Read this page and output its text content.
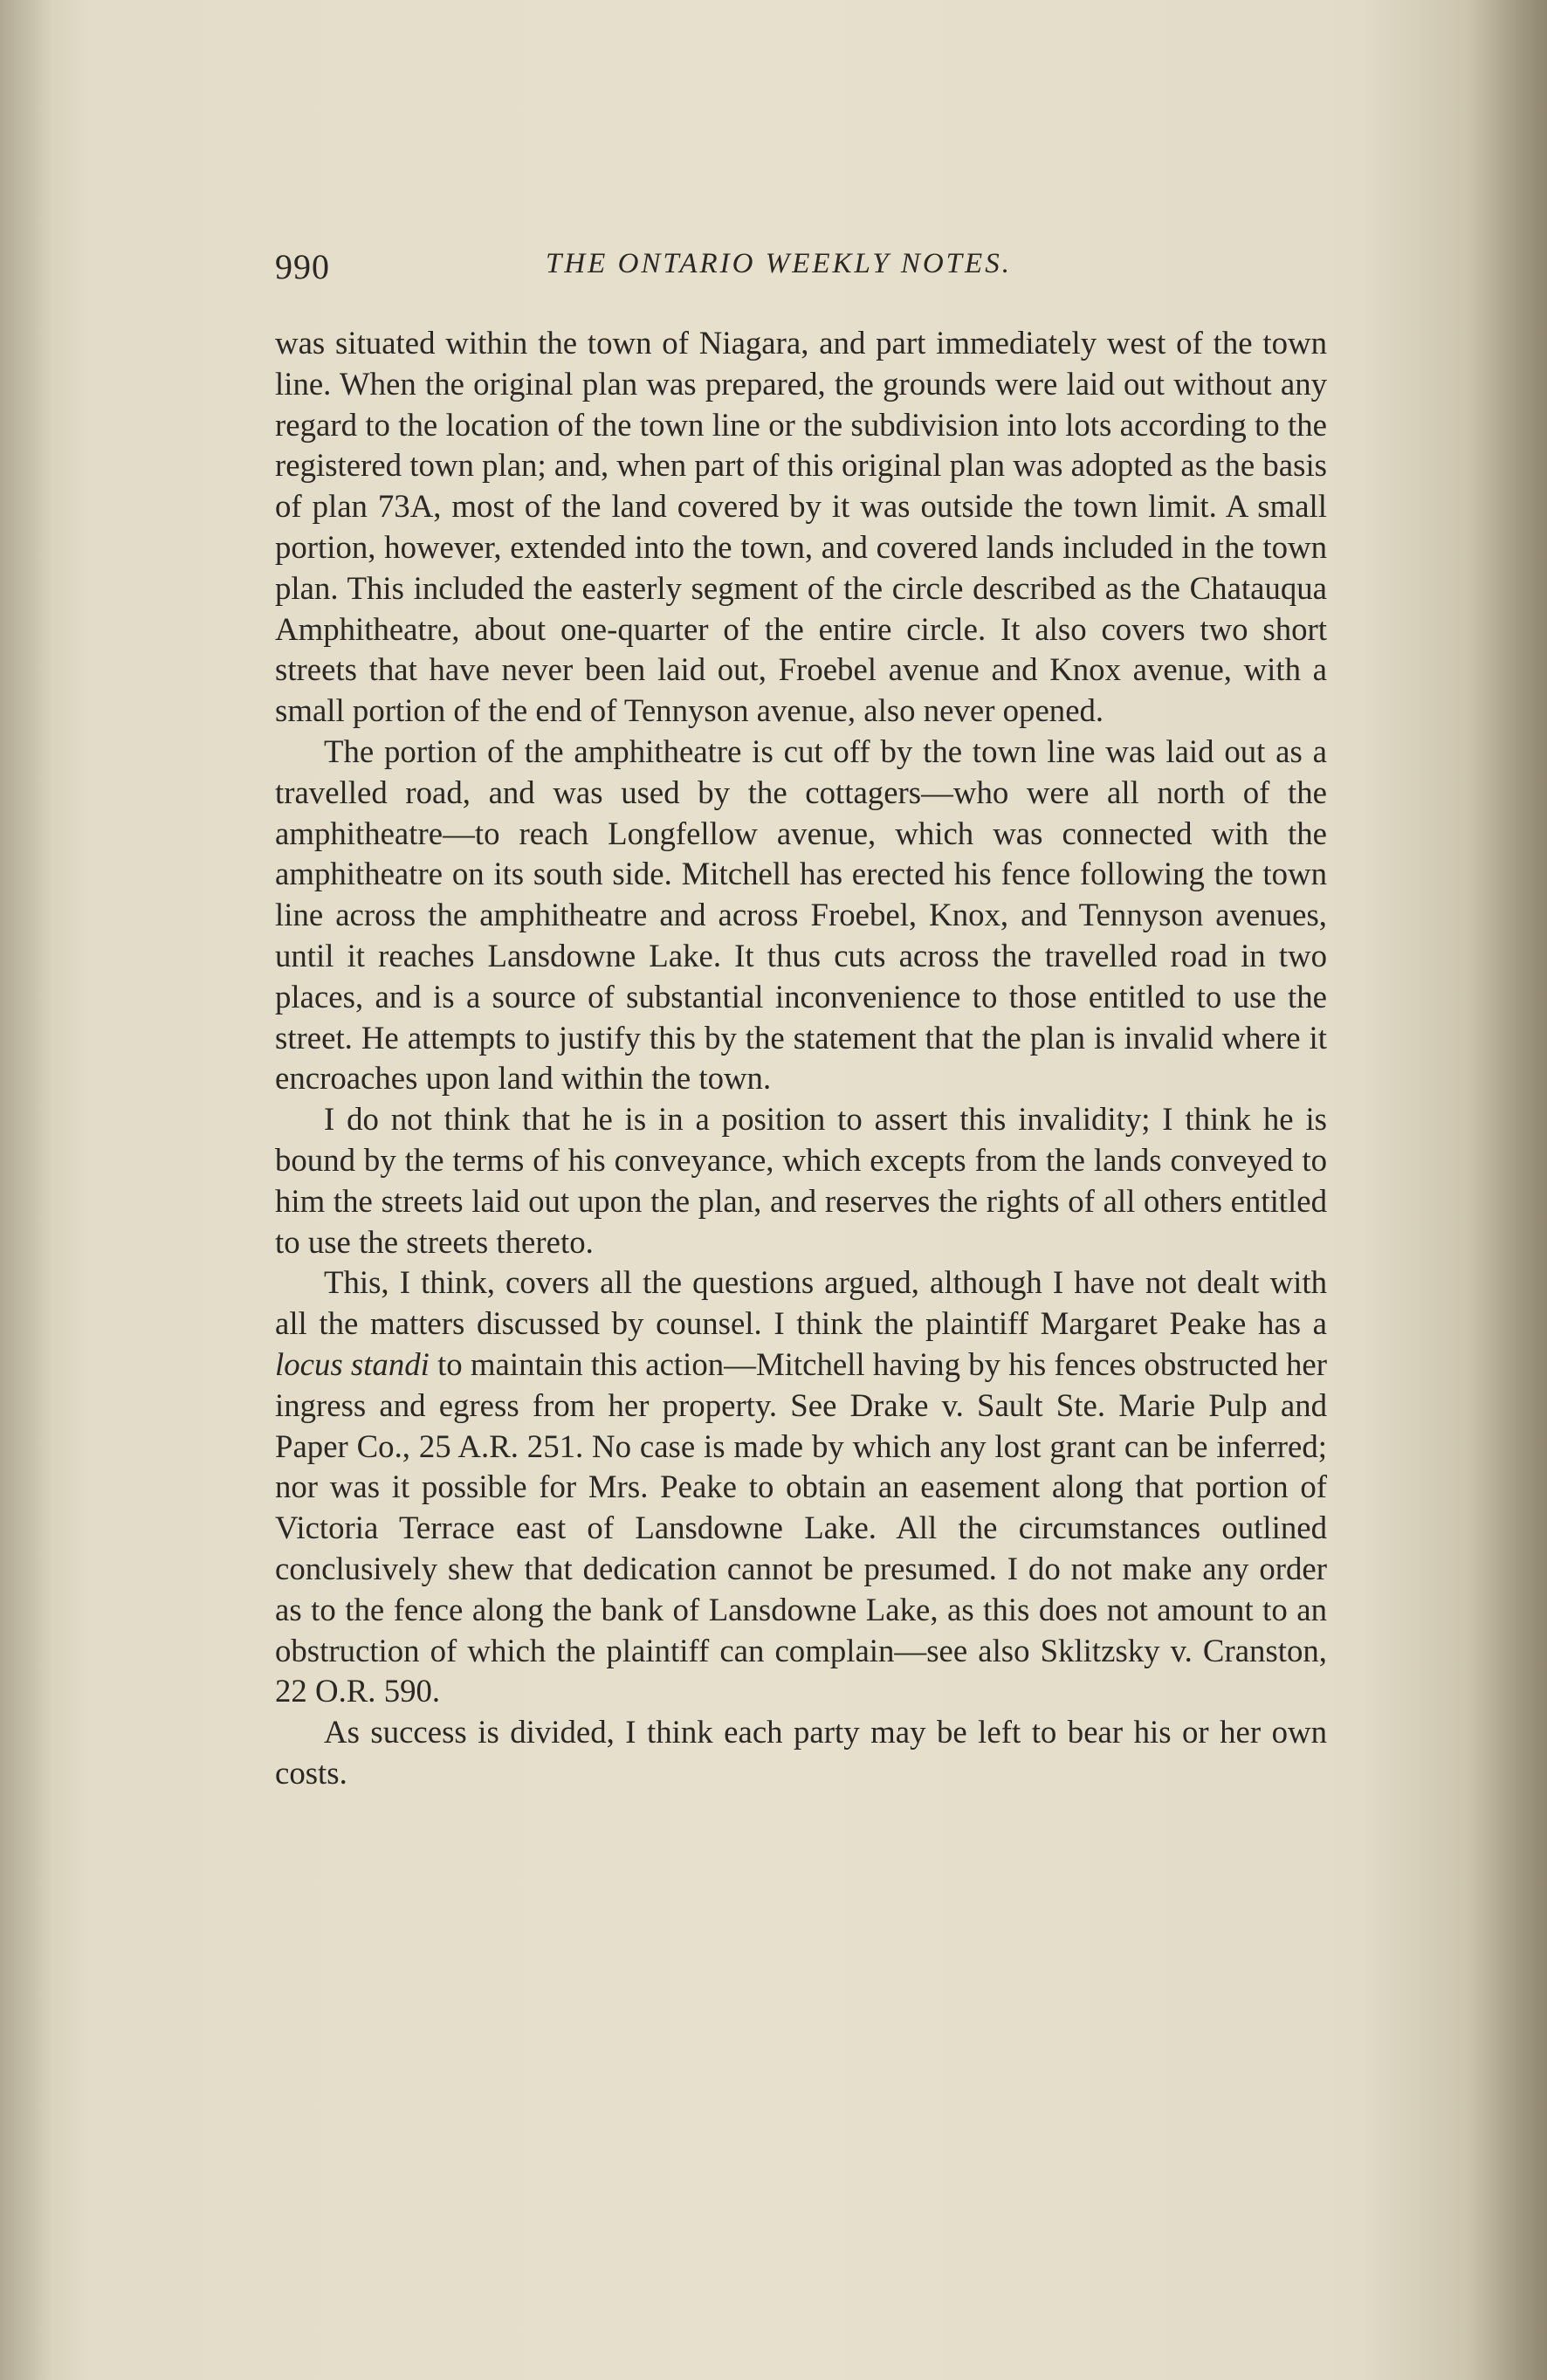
990	THE ONTARIO WEEKLY NOTES.

was situated within the town of Niagara, and part immediately west of the town line. When the original plan was prepared, the grounds were laid out without any regard to the location of the town line or the subdivision into lots according to the registered town plan; and, when part of this original plan was adopted as the basis of plan 73A, most of the land covered by it was outside the town limit. A small portion, however, extended into the town, and covered lands included in the town plan. This included the easterly segment of the circle described as the Chatauqua Amphitheatre, about one-quarter of the entire circle. It also covers two short streets that have never been laid out, Froebel avenue and Knox avenue, with a small portion of the end of Tennyson avenue, also never opened.

The portion of the amphitheatre is cut off by the town line was laid out as a travelled road, and was used by the cottagers—who were all north of the amphitheatre—to reach Longfellow avenue, which was connected with the amphitheatre on its south side. Mitchell has erected his fence following the town line across the amphitheatre and across Froebel, Knox, and Tennyson avenues, until it reaches Lansdowne Lake. It thus cuts across the travelled road in two places, and is a source of substantial inconvenience to those entitled to use the street. He attempts to justify this by the statement that the plan is invalid where it encroaches upon land within the town.

I do not think that he is in a position to assert this invalidity; I think he is bound by the terms of his conveyance, which excepts from the lands conveyed to him the streets laid out upon the plan, and reserves the rights of all others entitled to use the streets thereto.

This, I think, covers all the questions argued, although I have not dealt with all the matters discussed by counsel. I think the plaintiff Margaret Peake has a locus standi to maintain this action—Mitchell having by his fences obstructed her ingress and egress from her property. See Drake v. Sault Ste. Marie Pulp and Paper Co., 25 A.R. 251. No case is made by which any lost grant can be inferred; nor was it possible for Mrs. Peake to obtain an easement along that portion of Victoria Terrace east of Lansdowne Lake. All the circumstances outlined conclusively shew that dedication cannot be presumed. I do not make any order as to the fence along the bank of Lansdowne Lake, as this does not amount to an obstruction of which the plaintiff can complain—see also Sklitzsky v. Cranston, 22 O.R. 590.

As success is divided, I think each party may be left to bear his or her own costs.
